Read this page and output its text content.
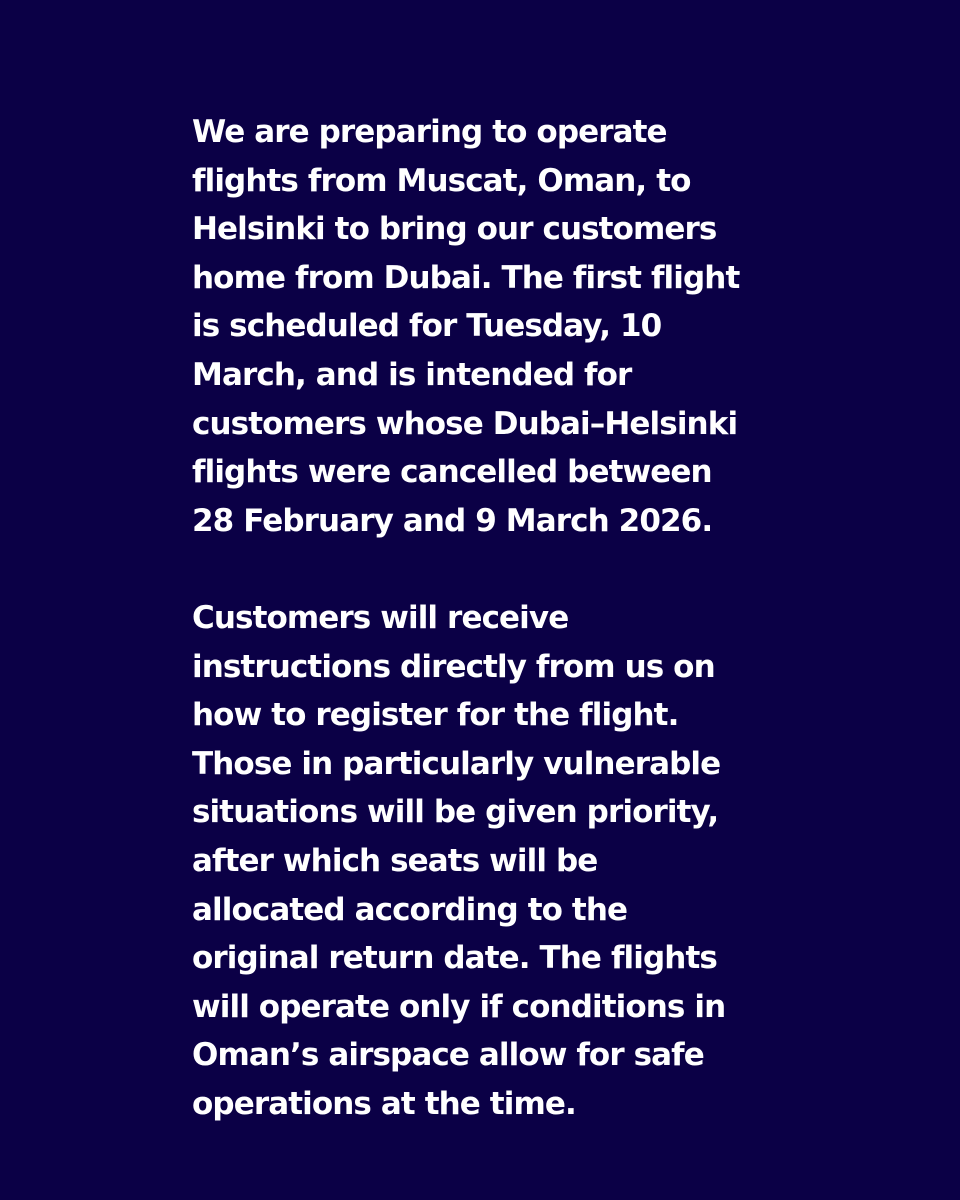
We are preparing to operate
flights from Muscat, Oman, to
Helsinki to bring our customers
home from Dubai. The first flight
is scheduled for Tuesday, 10
March, and is intended for
customers whose Dubai–Helsinki
flights were cancelled between
28 February and 9 March 2026.
Customers will receive
instructions directly from us on
how to register for the flight.
Those in particularly vulnerable
situations will be given priority,
after which seats will be
allocated according to the
original return date. The flights
will operate only if conditions in
Oman’s airspace allow for safe
operations at the time.
